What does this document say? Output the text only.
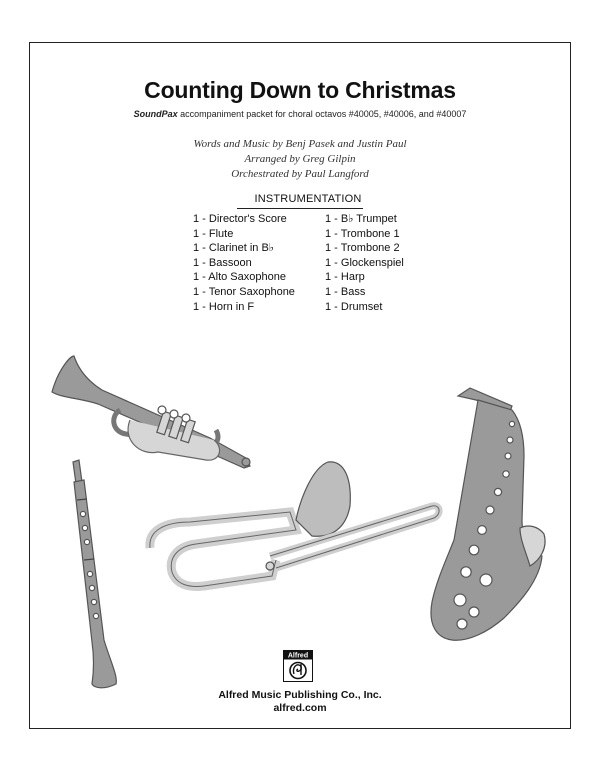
Counting Down to Christmas
SoundPax accompaniment packet for choral octavos #40005, #40006, and #40007
Words and Music by Benj Pasek and Justin Paul
Arranged by Greg Gilpin
Orchestrated by Paul Langford
INSTRUMENTATION
1 - Director's Score
1 - Flute
1 - Clarinet in B♭
1 - Bassoon
1 - Alto Saxophone
1 - Tenor Saxophone
1 - Horn in F
1 - B♭ Trumpet
1 - Trombone 1
1 - Trombone 2
1 - Glockenspiel
1 - Harp
1 - Bass
1 - Drumset
Alfred
Alfred Music Publishing Co., Inc.
alfred.com
